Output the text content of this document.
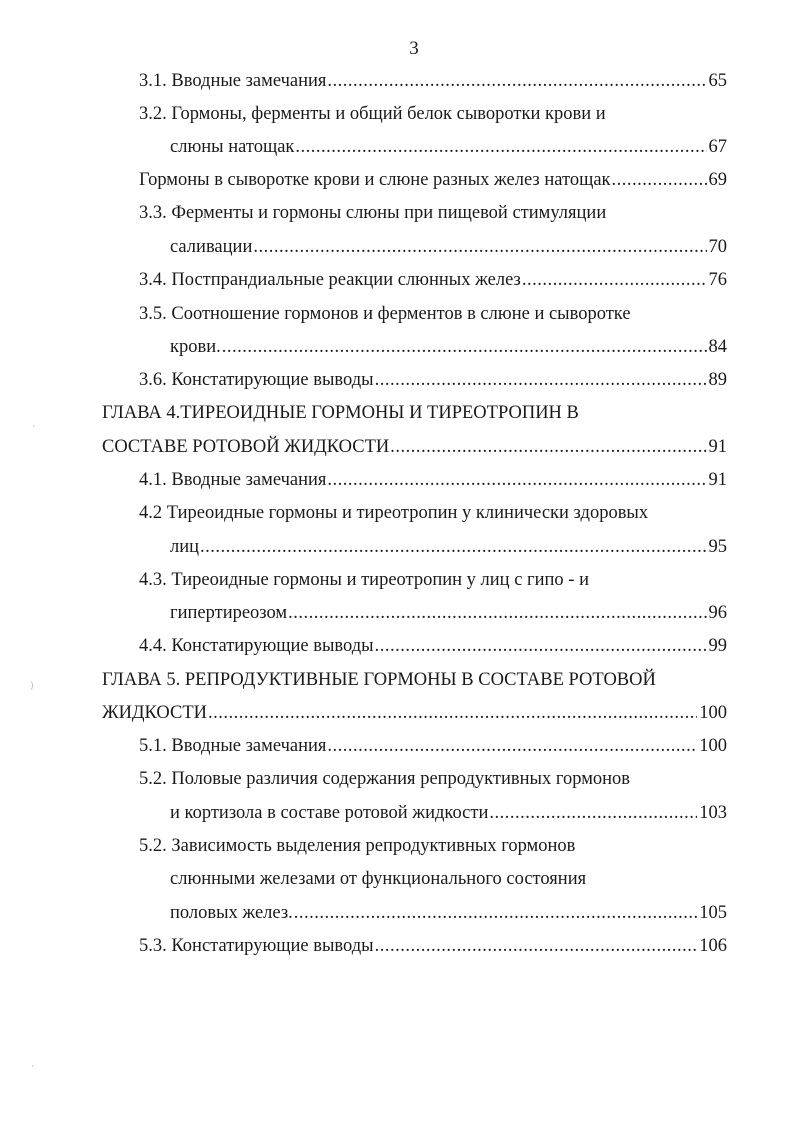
3
3.1. Вводные замечания .....	65
3.2. Гормоны, ферменты и общий белок сыворотки крови и
слюны натощак .....	67
Гормоны в сыворотке крови и слюне разных желез натощак .....	69
3.3. Ферменты и гормоны слюны при пищевой стимуляции
саливации .....	70
3.4. Постпрандиальные реакции слюнных желез .....	76
3.5. Соотношение гормонов и ферментов в слюне и сыворотке
крови. .....	84
3.6. Констатирующие выводы .....	89
ГЛАВА 4.ТИРЕОИДНЫЕ ГОРМОНЫ И ТИРЕОТРОПИН В
СОСТАВЕ РОТОВОЙ ЖИДКОСТИ .....	91
4.1. Вводные замечания .....	91
4.2 Тиреоидные гормоны и тиреотропин у клинически здоровых
лиц .....	95
4.3. Тиреоидные гормоны и тиреотропин у лиц с гипо - и
гипертиреозом .....	96
4.4. Констатирующие выводы .....	99
ГЛАВА 5. РЕПРОДУКТИВНЫЕ ГОРМОНЫ В СОСТАВЕ РОТОВОЙ
ЖИДКОСТИ .....	100
5.1. Вводные замечания .....	100
5.2. Половые различия содержания репродуктивных гормонов
и кортизола в составе ротовой жидкости .....	103
5.2. Зависимость выделения репродуктивных гормонов
слюнными железами от функционального состояния
половых желез. .....	105
5.3. Констатирующие выводы .....	106
'
)
'
